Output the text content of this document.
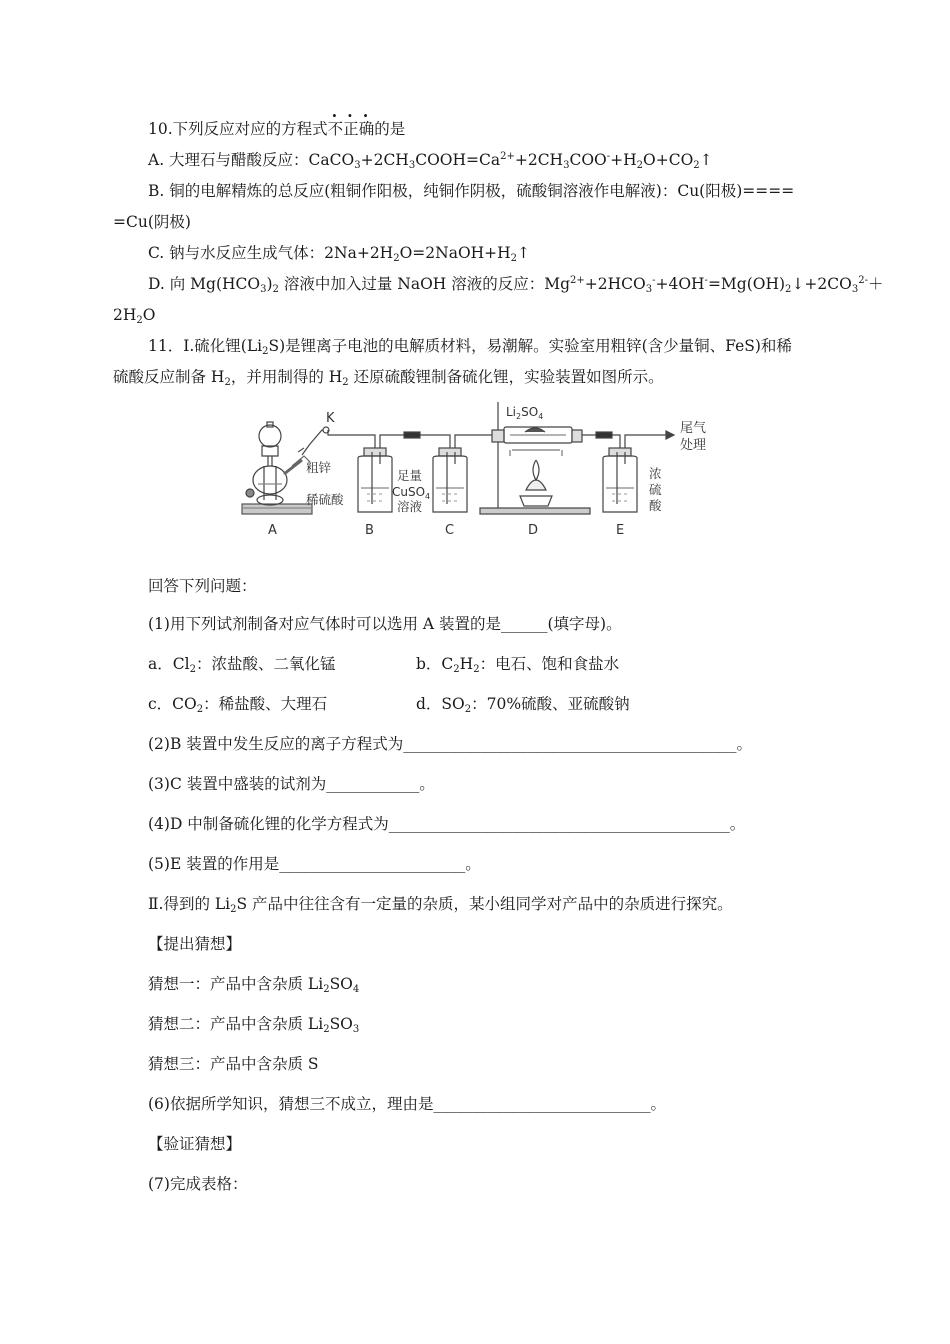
10.下列反应对应的方程式不正确的是
A. 大理石与醋酸反应：$CaCO_3+2CH_3COOH=Ca^{2+}+2CH_3COO^-+H_2O+CO_2↑$
B. 铜的电解精炼的总反应(粗铜作阳极，纯铜作阴极，硫酸铜溶液作电解液)：Cu(阳极)====
=Cu(阴极)
C. 钠与水反应生成气体：$2Na+2H_2O=2NaOH+H_2↑$
D. 向 $Mg(HCO_3)_2$ 溶液中加入过量 NaOH 溶液的反应：$Mg^{2+}+2HCO_3^-+4OH^-=Mg(OH)_2↓+2CO_3^{2-}+$
$2H_2O$
11．Ⅰ.硫化锂$(Li_2S)$是锂离子电池的电解质材料，易潮解。实验室用粗锌(含少量铜、FeS)和稀
硫酸反应制备 $H_2$，并用制得的 $H_2$ 还原硫酸锂制备硫化锂，实验装置如图所示。
K	$Li_2SO_4$
粗锌
稀硫酸
足量
CuSO$_4$
溶液
尾气
处理
浓
硫
酸
A	B	C	D	E
回答下列问题：
(1)用下列试剂制备对应气体时可以选用 A 装置的是______(填字母)。
a．$Cl_2$：浓盐酸、二氧化锰	b．$C_2H_2$：电石、饱和食盐水
c．$CO_2$：稀盐酸、大理石	d．$SO_2$：70%硫酸、亚硫酸钠
(2)B 装置中发生反应的离子方程式为___________________________________________。
(3)C 装置中盛装的试剂为____________。
(4)D 中制备硫化锂的化学方程式为____________________________________________。
(5)E 装置的作用是________________________。
Ⅱ.得到的 $Li_2S$ 产品中往往含有一定量的杂质，某小组同学对产品中的杂质进行探究。
【提出猜想】
猜想一：产品中含杂质 $Li_2SO_4$
猜想二：产品中含杂质 $Li_2SO_3$
猜想三：产品中含杂质 S
(6)依据所学知识，猜想三不成立，理由是____________________________。
【验证猜想】
(7)完成表格：
